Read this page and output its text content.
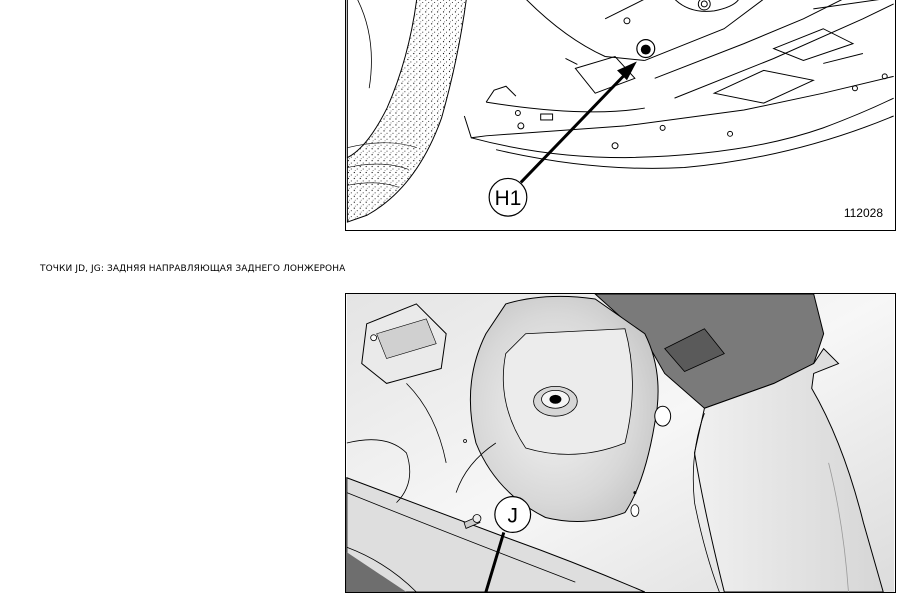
H1
112028
ТОЧКИ JD, JG: ЗАДНЯЯ НАПРАВЛЯЮЩАЯ ЗАДНЕГО ЛОНЖЕРОНА
J
